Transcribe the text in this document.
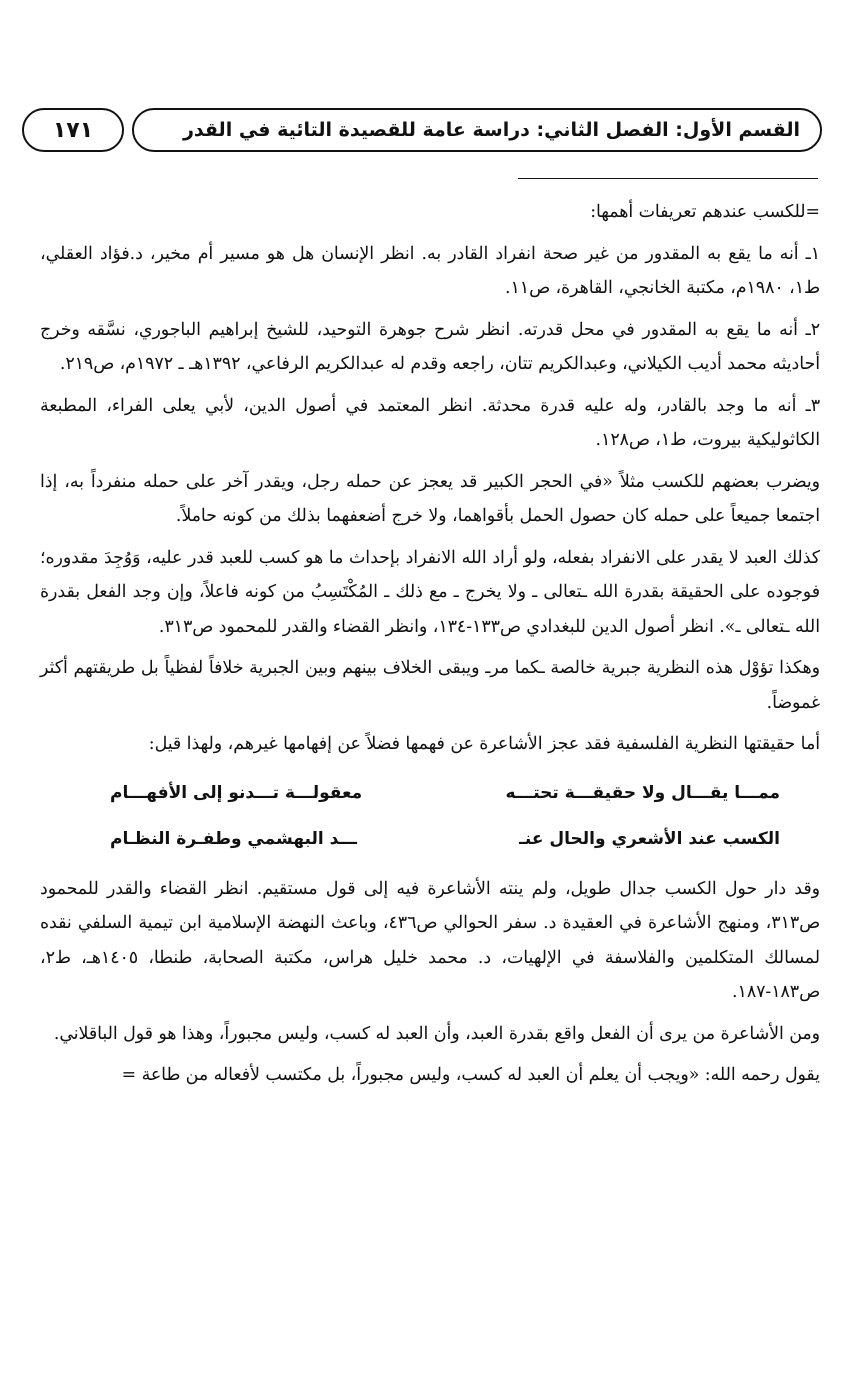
القسم الأول: الفصل الثاني: دراسة عامة للقصيدة التائية في القدر
١٧١

=للكسب عندهم تعريفات أهمها:

١ـ أنه ما يقع به المقدور من غير صحة انفراد القادر به. انظر الإنسان هل هو مسير أم مخير، د.فؤاد العقلي، ط١، ١٩٨٠م، مكتبة الخانجي، القاهرة، ص١١.

٢ـ أنه ما يقع به المقدور في محل قدرته. انظر شرح جوهرة التوحيد، للشيخ إبراهيم الباجوري، نسَّقه وخرج أحاديثه محمد أديب الكيلاني، وعبدالكريم تتان، راجعه وقدم له عبدالكريم الرفاعي، ١٣٩٢هـ ـ ١٩٧٢م، ص٢١٩.

٣ـ أنه ما وجد بالقادر، وله عليه قدرة محدثة. انظر المعتمد في أصول الدين، لأبي يعلى الفراء، المطبعة الكاثوليكية بيروت، ط١، ص١٢٨.

ويضرب بعضهم للكسب مثلاً «في الحجر الكبير قد يعجز عن حمله رجل، ويقدر آخر على حمله منفرداً به، إذا اجتمعا جميعاً على حمله كان حصول الحمل بأقواهما، ولا خرج أضعفهما بذلك من كونه حاملاً.

كذلك العبد لا يقدر على الانفراد بفعله، ولو أراد الله الانفراد بإحداث ما هو كسب للعبد قدر عليه، وَوُجِدَ مقدوره؛ فوجوده على الحقيقة بقدرة الله ـتعالى ـ ولا يخرج ـ مع ذلك ـ المُكْتَسِبُ من كونه فاعلاً، وإن وجد الفعل بقدرة الله ـتعالى ـ». انظر أصول الدين للبغدادي ص١٣٣-١٣٤، وانظر القضاء والقدر للمحمود ص٣١٣.

وهكذا تؤوْل هذه النظرية جبرية خالصة ـكما مرـ ويبقى الخلاف بينهم وبين الجبرية خلافاً لفظياً بل طريقتهم أكثر غموضاً.

أما حقيقتها النظرية الفلسفية فقد عجز الأشاعرة عن فهمها فضلاً عن إفهامها غيرهم، ولهذا قيل:

ممـــا يقـــال ولا حقيقـــة تحتـــه
معقولـــة تـــدنو إلى الأفهـــام
الكسب عند الأشعري والحال عنـ
ـــد البهشمي وطفـرة النظـام

وقد دار حول الكسب جدال طويل، ولم ينته الأشاعرة فيه إلى قول مستقيم. انظر القضاء والقدر للمحمود ص٣١٣، ومنهج الأشاعرة في العقيدة د. سفر الحوالي ص٤٣٦، وباعث النهضة الإسلامية ابن تيمية السلفي نقده لمسالك المتكلمين والفلاسفة في الإلهيات، د. محمد خليل هراس، مكتبة الصحابة، طنطا، ١٤٠٥هـ، ط٢، ص١٨٣-١٨٧.

ومن الأشاعرة من يرى أن الفعل واقع بقدرة العبد، وأن العبد له كسب، وليس مجبوراً، وهذا هو قول الباقلاني.

يقول رحمه الله: «ويجب أن يعلم أن العبد له كسب، وليس مجبوراً، بل مكتسب لأفعاله من طاعة =
